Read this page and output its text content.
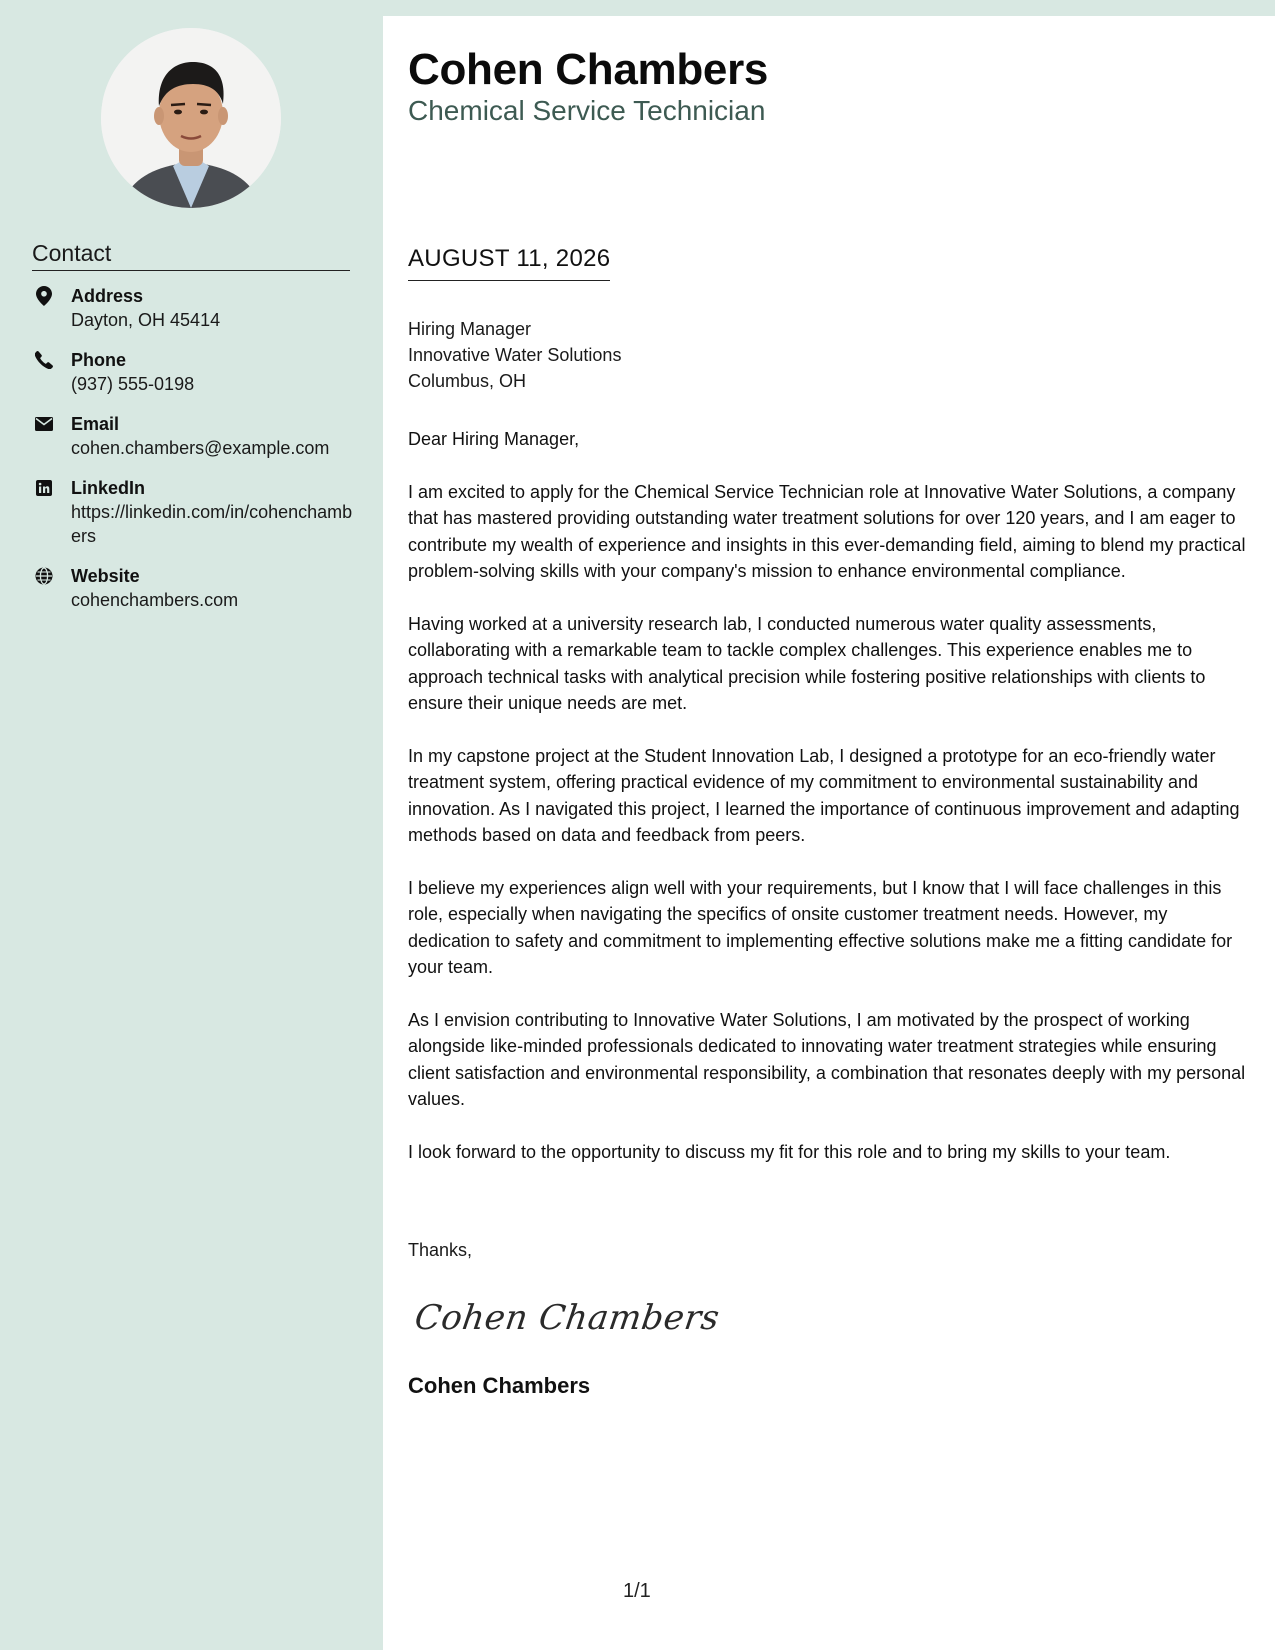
Contact
Address
Dayton, OH 45414
Phone
(937) 555-0198
Email
cohen.chambers@example.com
LinkedIn
https://linkedin.com/in/cohenchambers
Website
cohenchambers.com
Cohen Chambers
Chemical Service Technician
AUGUST 11, 2026
Hiring Manager
Innovative Water Solutions
Columbus, OH

Dear Hiring Manager,

I am excited to apply for the Chemical Service Technician role at Innovative Water Solutions, a company that has mastered providing outstanding water treatment solutions for over 120 years, and I am eager to contribute my wealth of experience and insights in this ever-demanding field, aiming to blend my practical problem-solving skills with your company's mission to enhance environmental compliance.

Having worked at a university research lab, I conducted numerous water quality assessments, collaborating with a remarkable team to tackle complex challenges. This experience enables me to approach technical tasks with analytical precision while fostering positive relationships with clients to ensure their unique needs are met.

In my capstone project at the Student Innovation Lab, I designed a prototype for an eco-friendly water treatment system, offering practical evidence of my commitment to environmental sustainability and innovation. As I navigated this project, I learned the importance of continuous improvement and adapting methods based on data and feedback from peers.

I believe my experiences align well with your requirements, but I know that I will face challenges in this role, especially when navigating the specifics of onsite customer treatment needs. However, my dedication to safety and commitment to implementing effective solutions make me a fitting candidate for your team.

As I envision contributing to Innovative Water Solutions, I am motivated by the prospect of working alongside like-minded professionals dedicated to innovating water treatment strategies while ensuring client satisfaction and environmental responsibility, a combination that resonates deeply with my personal values.

I look forward to the opportunity to discuss my fit for this role and to bring my skills to your team.

Thanks,
Cohen Chambers
Cohen Chambers
1/1
